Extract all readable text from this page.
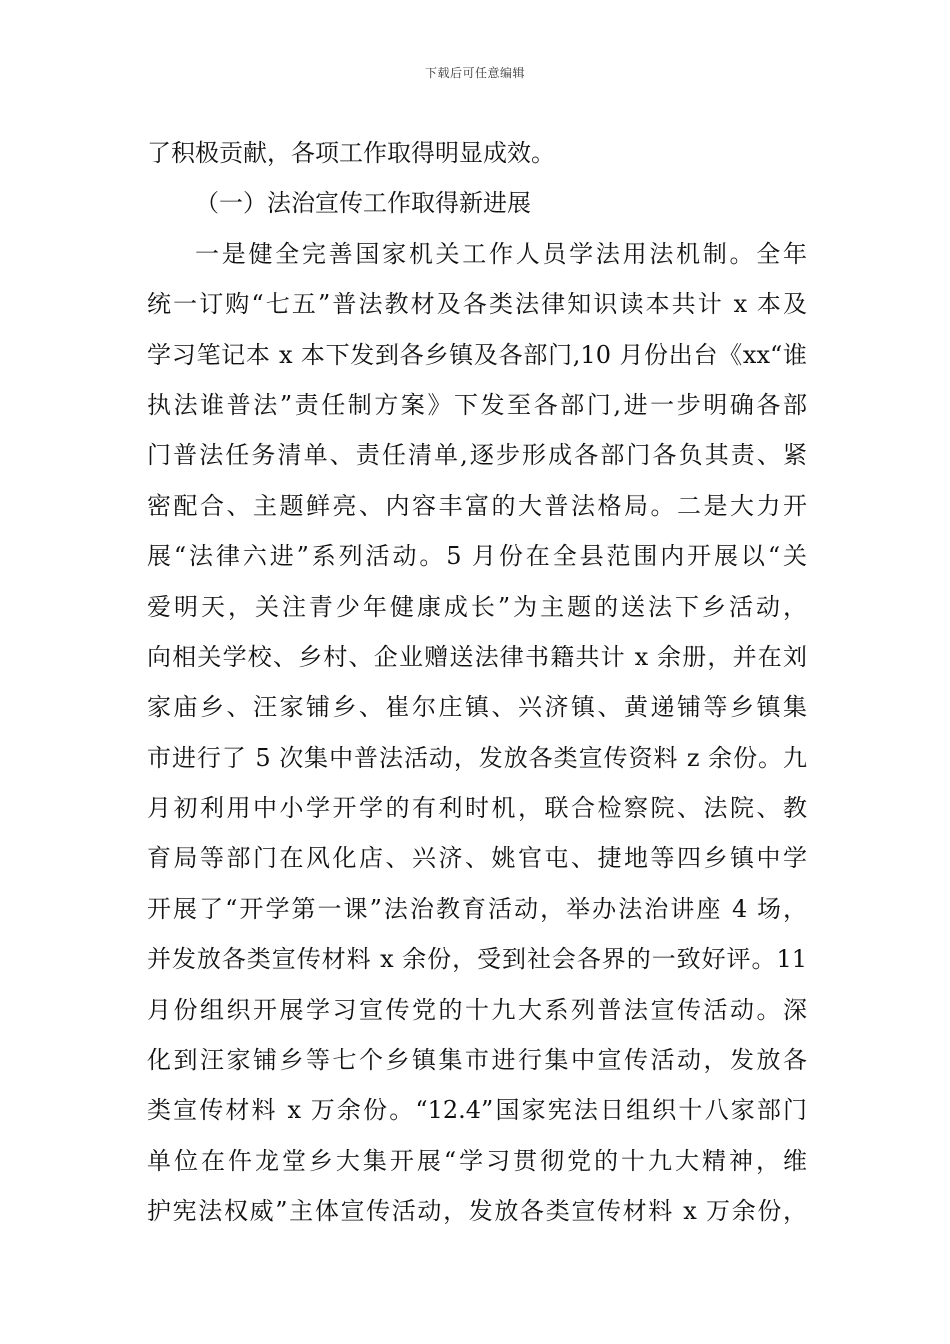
下载后可任意编辑
了积极贡献，各项工作取得明显成效。
（一）法治宣传工作取得新进展
一是健全完善国家机关工作人员学法用法机制。全年
统一订购“七五”普法教材及各类法律知识读本共计 x 本及
学习笔记本 x 本下发到各乡镇及各部门,10 月份出台《xx“谁
执法谁普法”责任制方案》下发至各部门,进一步明确各部
门普法任务清单、责任清单,逐步形成各部门各负其责、紧
密配合、主题鲜亮、内容丰富的大普法格局。二是大力开
展“法律六进”系列活动。5 月份在全县范围内开展以“关
爱明天，关注青少年健康成长”为主题的送法下乡活动，
向相关学校、乡村、企业赠送法律书籍共计 x 余册，并在刘
家庙乡、汪家铺乡、崔尔庄镇、兴济镇、黄递铺等乡镇集
市进行了 5 次集中普法活动，发放各类宣传资料 z 余份。九
月初利用中小学开学的有利时机，联合检察院、法院、教
育局等部门在风化店、兴济、姚官屯、捷地等四乡镇中学
开展了“开学第一课”法治教育活动，举办法治讲座 4 场，
并发放各类宣传材料 x 余份，受到社会各界的一致好评。11
月份组织开展学习宣传党的十九大系列普法宣传活动。深
化到汪家铺乡等七个乡镇集市进行集中宣传活动，发放各
类宣传材料 x 万余份。“12.4”国家宪法日组织十八家部门
单位在仵龙堂乡大集开展“学习贯彻党的十九大精神，维
护宪法权威”主体宣传活动，发放各类宣传材料 x 万余份，
